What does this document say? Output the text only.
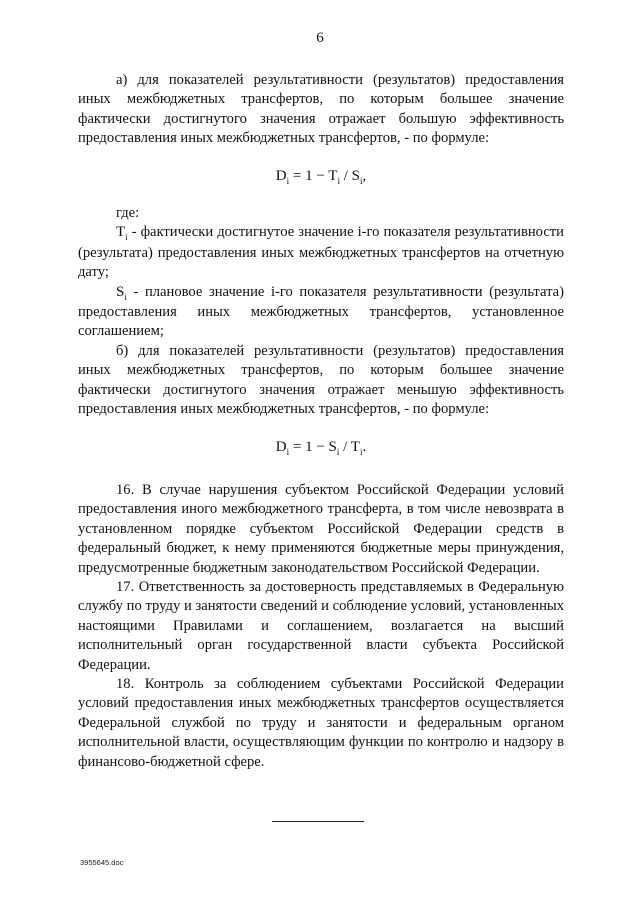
6

а) для показателей результативности (результатов) предоставления иных межбюджетных трансфертов, по которым большее значение фактически достигнутого значения отражает большую эффективность предоставления иных межбюджетных трансфертов, - по формуле:

$D_i = 1 - T_i / S_i$,

где:

$T_i$ - фактически достигнутое значение i-го показателя результативности (результата) предоставления иных межбюджетных трансфертов на отчетную дату;

$S_i$ - плановое значение i-го показателя результативности (результата) предоставления иных межбюджетных трансфертов, установленное соглашением;

б) для показателей результативности (результатов) предоставления иных межбюджетных трансфертов, по которым большее значение фактически достигнутого значения отражает меньшую эффективность предоставления иных межбюджетных трансфертов, - по формуле:

$D_i = 1 - S_i / T_i$.

16. В случае нарушения субъектом Российской Федерации условий предоставления иного межбюджетного трансферта, в том числе невозврата в установленном порядке субъектом Российской Федерации средств в федеральный бюджет, к нему применяются бюджетные меры принуждения, предусмотренные бюджетным законодательством Российской Федерации.

17. Ответственность за достоверность представляемых в Федеральную службу по труду и занятости сведений и соблюдение условий, установленных настоящими Правилами и соглашением, возлагается на высший исполнительный орган государственной власти субъекта Российской Федерации.

18. Контроль за соблюдением субъектами Российской Федерации условий предоставления иных межбюджетных трансфертов осуществляется Федеральной службой по труду и занятости и федеральным органом исполнительной власти, осуществляющим функции по контролю и надзору в финансово-бюджетной сфере.

3955645.doc
